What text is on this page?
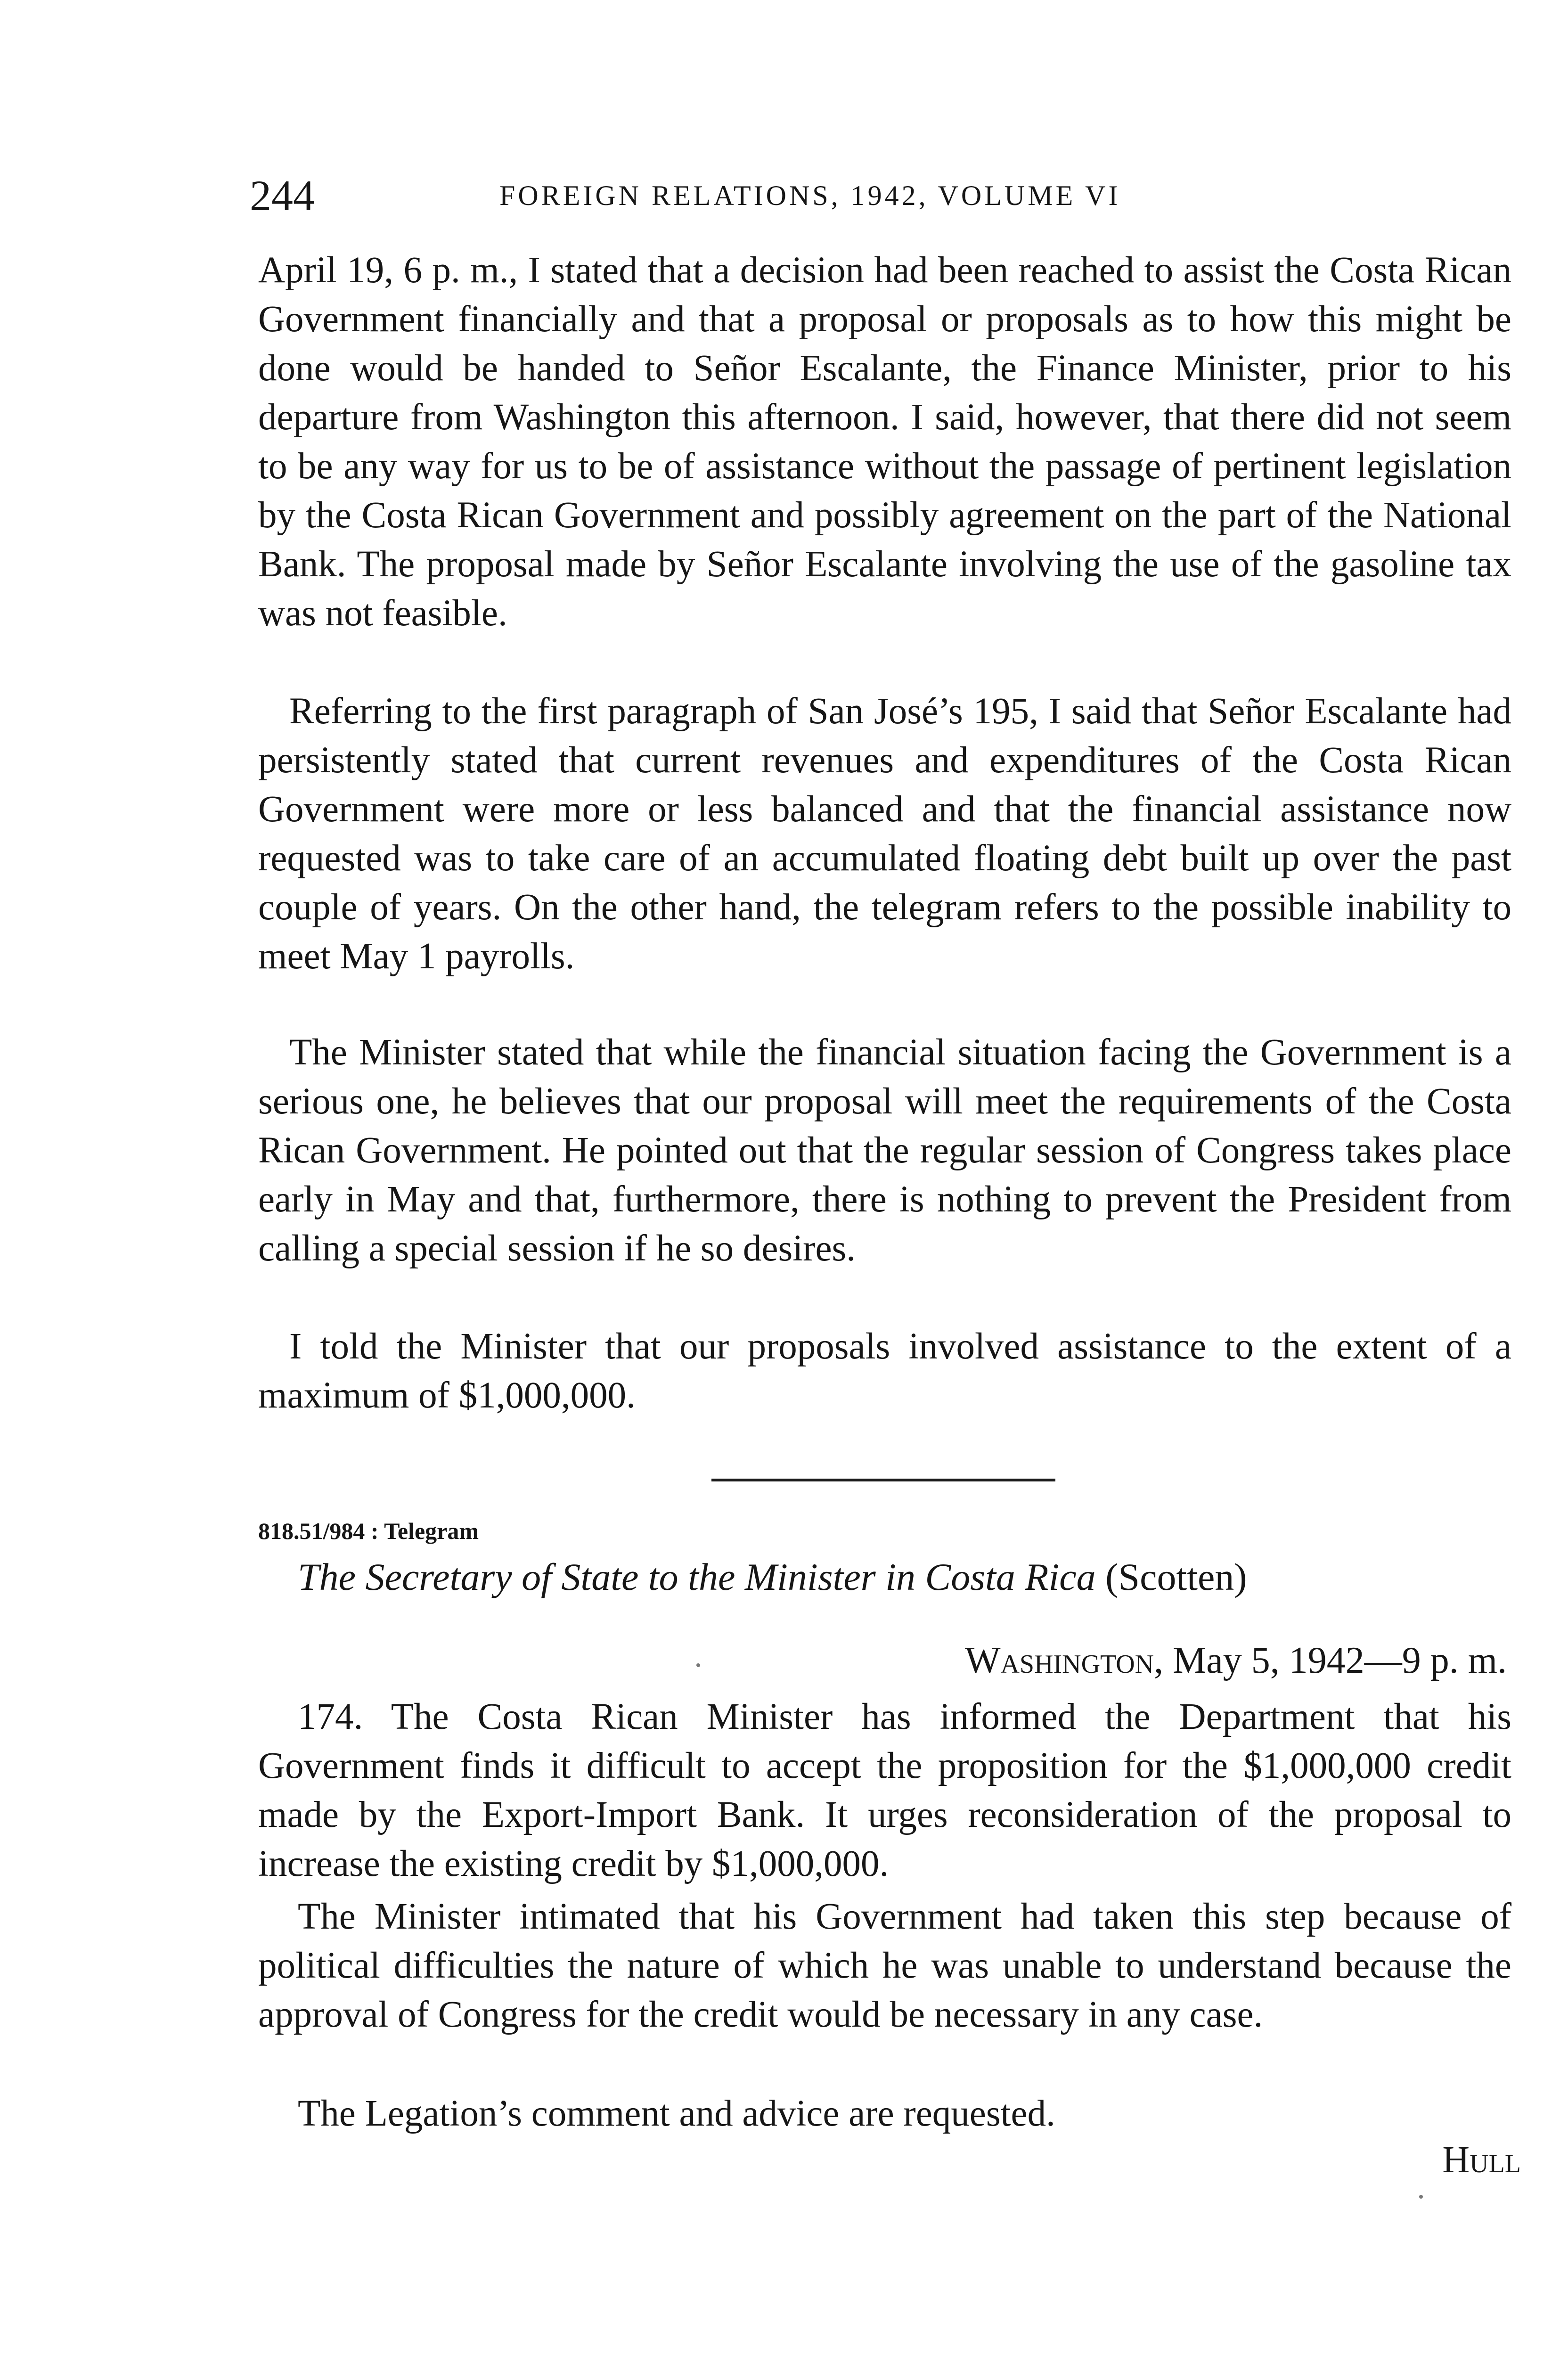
244	FOREIGN RELATIONS, 1942, VOLUME VI

April 19, 6 p. m., I stated that a decision had been reached to assist the Costa Rican Government financially and that a proposal or proposals as to how this might be done would be handed to Señor Escalante, the Finance Minister, prior to his departure from Washington this afternoon. I said, however, that there did not seem to be any way for us to be of assistance without the passage of pertinent legislation by the Costa Rican Government and possibly agreement on the part of the National Bank. The proposal made by Señor Escalante involving the use of the gasoline tax was not feasible.

Referring to the first paragraph of San José’s 195, I said that Señor Escalante had persistently stated that current revenues and expenditures of the Costa Rican Government were more or less balanced and that the financial assistance now requested was to take care of an accumulated floating debt built up over the past couple of years. On the other hand, the telegram refers to the possible inability to meet May 1 payrolls.

The Minister stated that while the financial situation facing the Government is a serious one, he believes that our proposal will meet the requirements of the Costa Rican Government. He pointed out that the regular session of Congress takes place early in May and that, furthermore, there is nothing to prevent the President from calling a special session if he so desires.

I told the Minister that our proposals involved assistance to the extent of a maximum of $1,000,000.

818.51/984 : Telegram
The Secretary of State to the Minister in Costa Rica (Scotten)
Washington, May 5, 1942—9 p. m.

174. The Costa Rican Minister has informed the Department that his Government finds it difficult to accept the proposition for the $1,000,000 credit made by the Export-Import Bank. It urges reconsideration of the proposal to increase the existing credit by $1,000,000.

The Minister intimated that his Government had taken this step because of political difficulties the nature of which he was unable to understand because the approval of Congress for the credit would be necessary in any case.

The Legation’s comment and advice are requested.

Hull
